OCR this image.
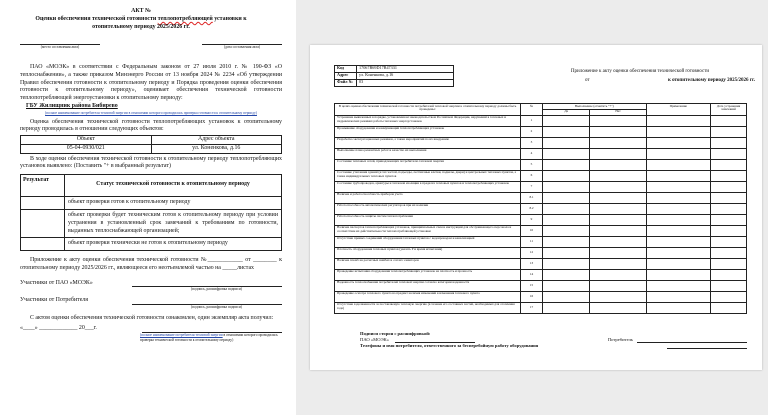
АКТ №
Оценки обеспечения технической готовности теплопотребляющей установки к
отопительному периоду 2025/2026 гг.
(место составления акта)	(дата составления акта)

ПАО «МОЭК» в соответствии с Федеральным законом от 27 июля 2010 г. № 190-ФЗ «О теплоснабжении», а также приказом Минэнерго России от 13 ноября 2024 № 2234 «Об утверждении Правил обеспечения готовности к отопительному периоду и Порядка проведения оценки обеспечения готовности к отопительному периоду», оценивает обеспечения технической готовности теплопотребляющей энергоустановки к отопительному периоду:

ГБУ Жилищник района Бибирево
(полное наименование потребителя тепловой энергии в отношении которого проводилась проверка готовности к отопительному периоду)

Оценка обеспечения технической готовности теплопотребляющих установок к отопительному периоду проводилась в отношении следующих объектов:

Объект	Адрес объекта
05-04-0930/021	ул. Коненкова, д.16

В ходе оценки обеспечения технической готовности к отопительному периоду теплопотребляющих установок выявлено: (Поставить "+ в выбранный результат)

Результат	Статус технической готовности к отопительному периоду
	объект проверки готов к отопительному периоду
	объект проверки будет техническим готов к отопительному периоду при условии устранения в установленный срок замечаний к требованиям по готовности, выданных теплоснабжающей организацией;
	объект проверки технически не готов к отопительному периоду

Приложение к акту оценки обеспечения технической готовности №____________ от ________ к отопительному периоду 2025/2026 гг., являющееся его неотъемлемой частью на _____листах

Участники от ПАО «МОЭК»
(подпись, расшифровка подписи)
Участники от Потребителя
(подпись, расшифровка подписи)

С актом оценки обеспечения технической готовности ознакомлен, один экземпляр акта получил:

«____» _____________ 20___г.
(полное наименование потребителя тепловой энергии в отношении которого проводилась проверка технической готовности к отопительному периоду)
Код	17067B69D17B47331
Адрес	ул. Коненкова, д.16
Файл №	03
Приложение к акту оценки обеспечения технической готовности
от	к отопительному периоду 2025/2026 гг.
В целях оценки обеспечения технической готовности потребителей тепловой энергии к отопительному периоду должны быть проведены:	№	Выполнение (отметить "+")		Примечание	Дата устранения замечаний
		Да	Нет		
Устранение выявленных в порядке, установленном законодательством Российской Федерации, нарушений в тепловых и гидравлических режимах работы тепловых энергоустановок	1				
Промывание оборудования и коммуникаций теплопотребляющих установок	2				
Разработка эксплуатационных режимов, а также мероприятий по их внедрению	3				
Выполнение плана ремонтных работ и качество их выполнения	4				
Состояние тепловых сетей, принадлежащих потребителю тепловой энергии	5				
Состояние утепления зданий (и тех частей, подъезды, лестничные клетки, подвалы, двери) и центральных тепловых пунктов, а также индивидуальных тепловых пунктов	6				
Состояние трубопроводов, арматуры и тепловой изоляции в пределах тепловых пунктов и теплопотребляющих установок	7				
Наличие и работоспособность приборов учета	8.1				
Работоспособность автоматических регуляторов при их наличии	8.2				
Работоспособность защиты систем теплопотребления	9				
Наличие паспортов теплопотребляющих установок, принципиальных схем и инструкций для обслуживающего персонала и соответствие их действительности теплопотребляющей установки	10				
Отсутствие прямых соединений оборудования тепловых пунктов с водопроводом и канализацией	11				
Плотность оборудования тепловых пунктов (указать Р и время испытания)	12				
Наличие пломб на расчетных шайбах и соплах элеваторов	13				
Проведение испытания оборудования теплопотребляющих установок на плотность и прочность	14				
Надежность теплоснабжения потребителей тепловой энергии согласно категории надежности	15				
Проведение осмотра теплового пункта на предмет наличия изменений в изменения теплового пункта	16				
Отсутствие задолженности за поставляемую тепловую энергию (в течение его составных частей, необходимых для отопления года)	17				
Подписи сторон с расшифровкой:
ПАО «МОЭК»	Потребитель
Телефоны и имя потребителя, ответственного за бесперебойную работу оборудования
